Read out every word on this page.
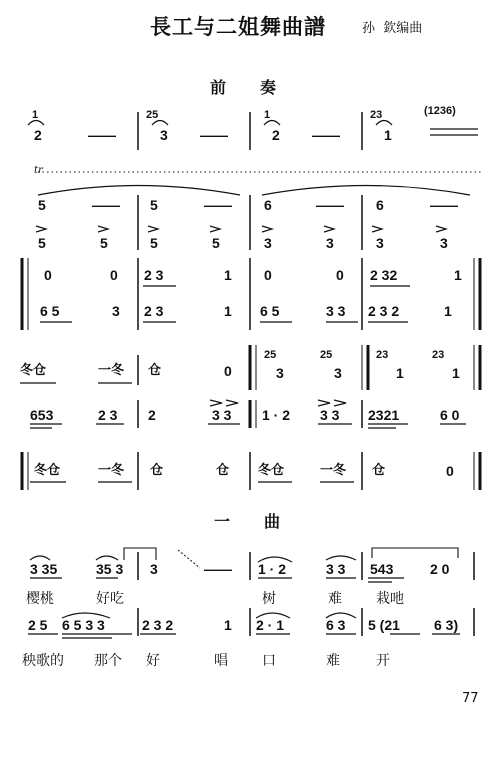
長工与二姐舞曲譜	孙  欽编曲
前奏
1
2	——
25
3 ——
1
2 ——
23
1
(1236)
tr
5	—— 5	—— 6	—— 6	——
5	5	5	5	3	3	3	3
0	0 2 3	1 0	0 2 32	1
6 5	3 2 3	1 6 5	3 3 2 3 2	1
冬仓	一冬 仓	0
25
3
25
3
23
1
23
1
653	2 3 2	3 3 1 · 2 3 3 2321	6 0
冬仓	一冬 仓	仓 冬仓	一冬 仓	0
一曲
3 35	35 3 3	—— 1 · 2	3 3 543	2 0
樱桃	好吃	树	难 栽吔
2 5 6 5 3 3	2 3 2	1 2 · 1	6 3 5 (21 6 3)
秧歌的 那个 好	唱 口	难	开
77
